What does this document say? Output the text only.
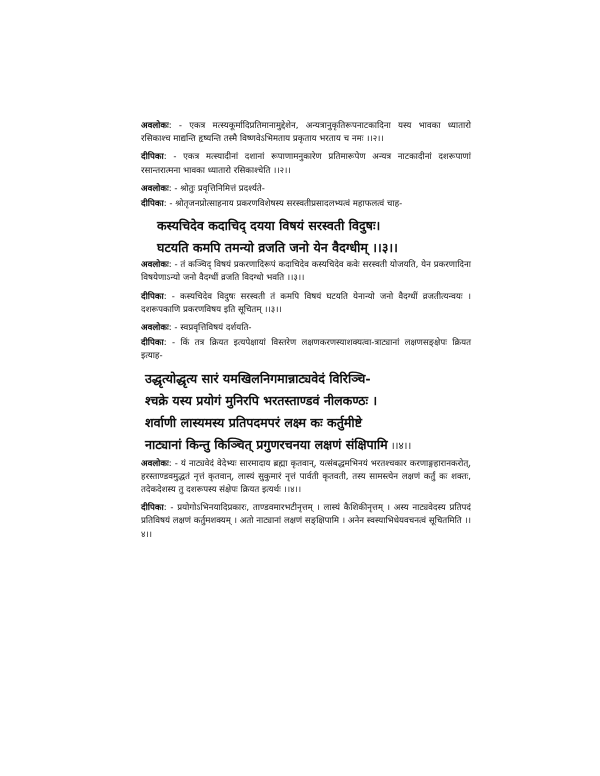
अवलोकः: - एकत्र मत्स्यकूर्मादिप्रतिमानामुद्देशेन, अन्यत्रानुकृतिरूपनाटकादिना यस्य भावका ध्यातारो रसिकाश्च माद्यन्ति हृष्यन्ति तस्मै विष्णवेऽभिमताय प्रकृताय भरताय च नमः ।।२।।

दीपिका: - एकत्र मत्स्यादीनां दशानां रूपाणामनुकारेण प्रतिमारूपेण अन्यत्र नाटकादीनां दशरूपाणां रसान्तरात्मना भावका ध्यातारो रसिकाश्चेति ।।२।।

अवलोकः: - श्रोतुः प्रवृत्तिनिमित्तं प्रदर्श्यते-

दीपिका: - श्रोतृजनप्रोत्साहनाय प्रकरणविशेषस्य सरस्वतीप्रसादलभ्यत्वं महाफलत्वं चाह-

कस्यचिदेव कदाचिद् दयया विषयं सरस्वती विदुषः।
घटयति कमपि तमन्यो व्रजति जनो येन वैदग्धीम् ।।३।।

अवलोकः: - तं कञ्चिद् विषयं प्रकरणादिरूपं कदाचिदेव कस्यचिदेव कवेः सरस्वती योजयति, येन प्रकरणादिना विषयेणाऽन्यो जनो वैदग्धीं व्रजति विदग्धो भवति ।।३।।

दीपिका: - कस्यचिदेव विदुषः सरस्वती तं कमपि विषयं घटयति येनान्यो जनो वैदग्धीं व्रजतीत्यन्वयः । दशरूपकाणि प्रकरणविषय इति सूचितम् ।।३।।

अवलोकः: - स्वप्रवृत्तिविषयं दर्शयति-

दीपिका: - किं तत्र क्रियत इत्यपेक्षायां विस्तरेण लक्षणकरणस्याशक्यत्वा-त्राट्यानां लक्षणसङ्क्षेपः क्रियत इत्याह-

उद्धृत्योद्धृत्य सारं यमखिलनिगमान्नाट्यवेदं विरिञ्चि-
श्चक्रे यस्य प्रयोगं मुनिरपि भरतस्ताण्डवं नीलकण्ठः ।
शर्वाणी लास्यमस्य प्रतिपदमपरं लक्ष्म कः कर्तुमीष्टे
नाट्यानां किन्तु किञ्चित् प्रगुणरचनया लक्षणं संक्षिपामि ।।४।।

अवलोकः: - यं नाट्यवेदं वेदेभ्यः सारमादाय ब्रह्मा कृतवान्, यत्संबद्धमभिनयं भरतश्चकार करणाङ्गहारानकरोत्, हरस्ताण्डवमुद्धतं नृत्तं कृतवान्, लास्यं सुकुमारं नृत्तं पार्वती कृतवती, तस्य सामस्त्येन लक्षणं कर्तुं कः शक्तः, तदेकदेशस्य तु दशरूपस्य संक्षेपः क्रियत इत्यर्थः ।।४।।

दीपिका: - प्रयोगोऽभिनयादिप्रकारः, ताण्डवमारभटीनृत्तम् । लास्यं कैशिकीनृत्तम् । अस्य नाट्यवेदस्य प्रतिपदं प्रतिविषयं लक्षणं कर्तुमशक्यम् । अतो नाट्यानां लक्षणं सङ्क्षिपामि । अनेन स्वस्याभिधेयवचनत्वं सूचितमिति ।।४।।
